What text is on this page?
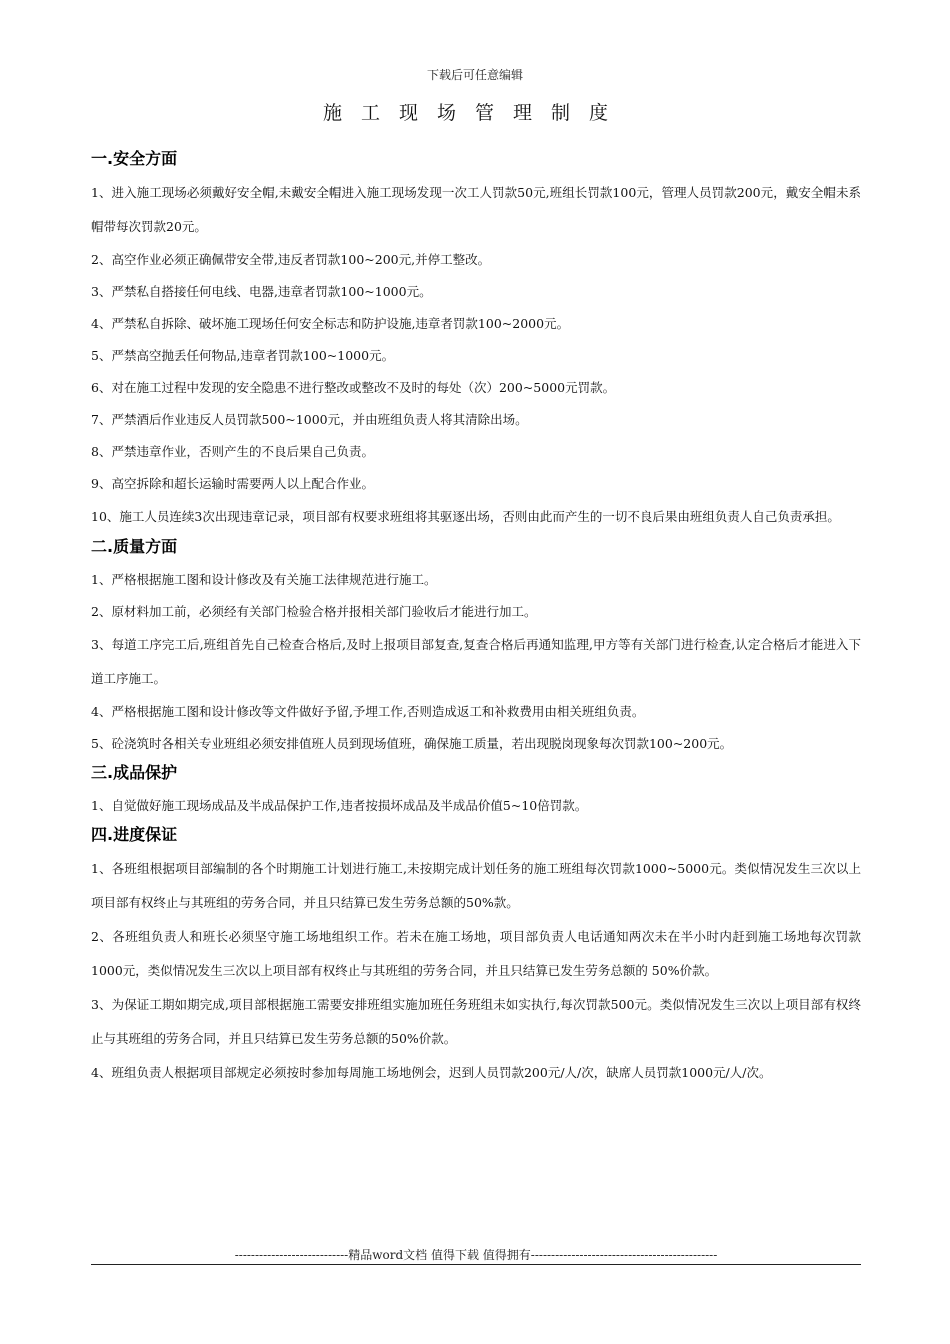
下载后可任意编辑
施工现场管理制度
一.安全方面

1、进入施工现场必须戴好安全帽,未戴安全帽进入施工现场发现一次工人罚款50元,班组长罚款100元，管理人员罚款200元，戴安全帽未系帽带每次罚款20元。

2、高空作业必须正确佩带安全带,违反者罚款100~200元,并停工整改。

3、严禁私自搭接任何电线、电器,违章者罚款100~1000元。

4、严禁私自拆除、破坏施工现场任何安全标志和防护设施,违章者罚款100~2000元。

5、严禁高空抛丢任何物品,违章者罚款100~1000元。

6、对在施工过程中发现的安全隐患不进行整改或整改不及时的每处（次）200~5000元罚款。

7、严禁酒后作业违反人员罚款500~1000元，并由班组负责人将其清除出场。

8、严禁违章作业，否则产生的不良后果自己负责。

9、高空拆除和超长运输时需要两人以上配合作业。

10、施工人员连续3次出现违章记录，项目部有权要求班组将其驱逐出场，否则由此而产生的一切不良后果由班组负责人自己负责承担。

二.质量方面

1、严格根据施工图和设计修改及有关施工法律规范进行施工。

2、原材料加工前，必须经有关部门检验合格并报相关部门验收后才能进行加工。

3、每道工序完工后,班组首先自己检查合格后,及时上报项目部复查,复查合格后再通知监理,甲方等有关部门进行检查,认定合格后才能进入下道工序施工。

4、严格根据施工图和设计修改等文件做好予留,予埋工作,否则造成返工和补救费用由相关班组负责。

5、砼浇筑时各相关专业班组必须安排值班人员到现场值班，确保施工质量，若出现脱岗现象每次罚款100~200元。

三.成品保护

1、自觉做好施工现场成品及半成品保护工作,违者按损坏成品及半成品价值5~10倍罚款。

四.进度保证

1、各班组根据项目部编制的各个时期施工计划进行施工,未按期完成计划任务的施工班组每次罚款1000~5000元。类似情况发生三次以上项目部有权终止与其班组的劳务合同，并且只结算已发生劳务总额的50%款。

2、各班组负责人和班长必须坚守施工场地组织工作。若未在施工场地，项目部负责人电话通知两次未在半小时内赶到施工场地每次罚款1000元，类似情况发生三次以上项目部有权终止与其班组的劳务合同，并且只结算已发生劳务总额的 50%价款。

3、为保证工期如期完成,项目部根据施工需要安排班组实施加班任务班组未如实执行,每次罚款500元。类似情况发生三次以上项目部有权终止与其班组的劳务合同，并且只结算已发生劳务总额的50%价款。

4、班组负责人根据项目部规定必须按时参加每周施工场地例会，迟到人员罚款200元/人/次，缺席人员罚款1000元/人/次。

----------------------------精品word文档 值得下载 值得拥有----------------------------------------------
